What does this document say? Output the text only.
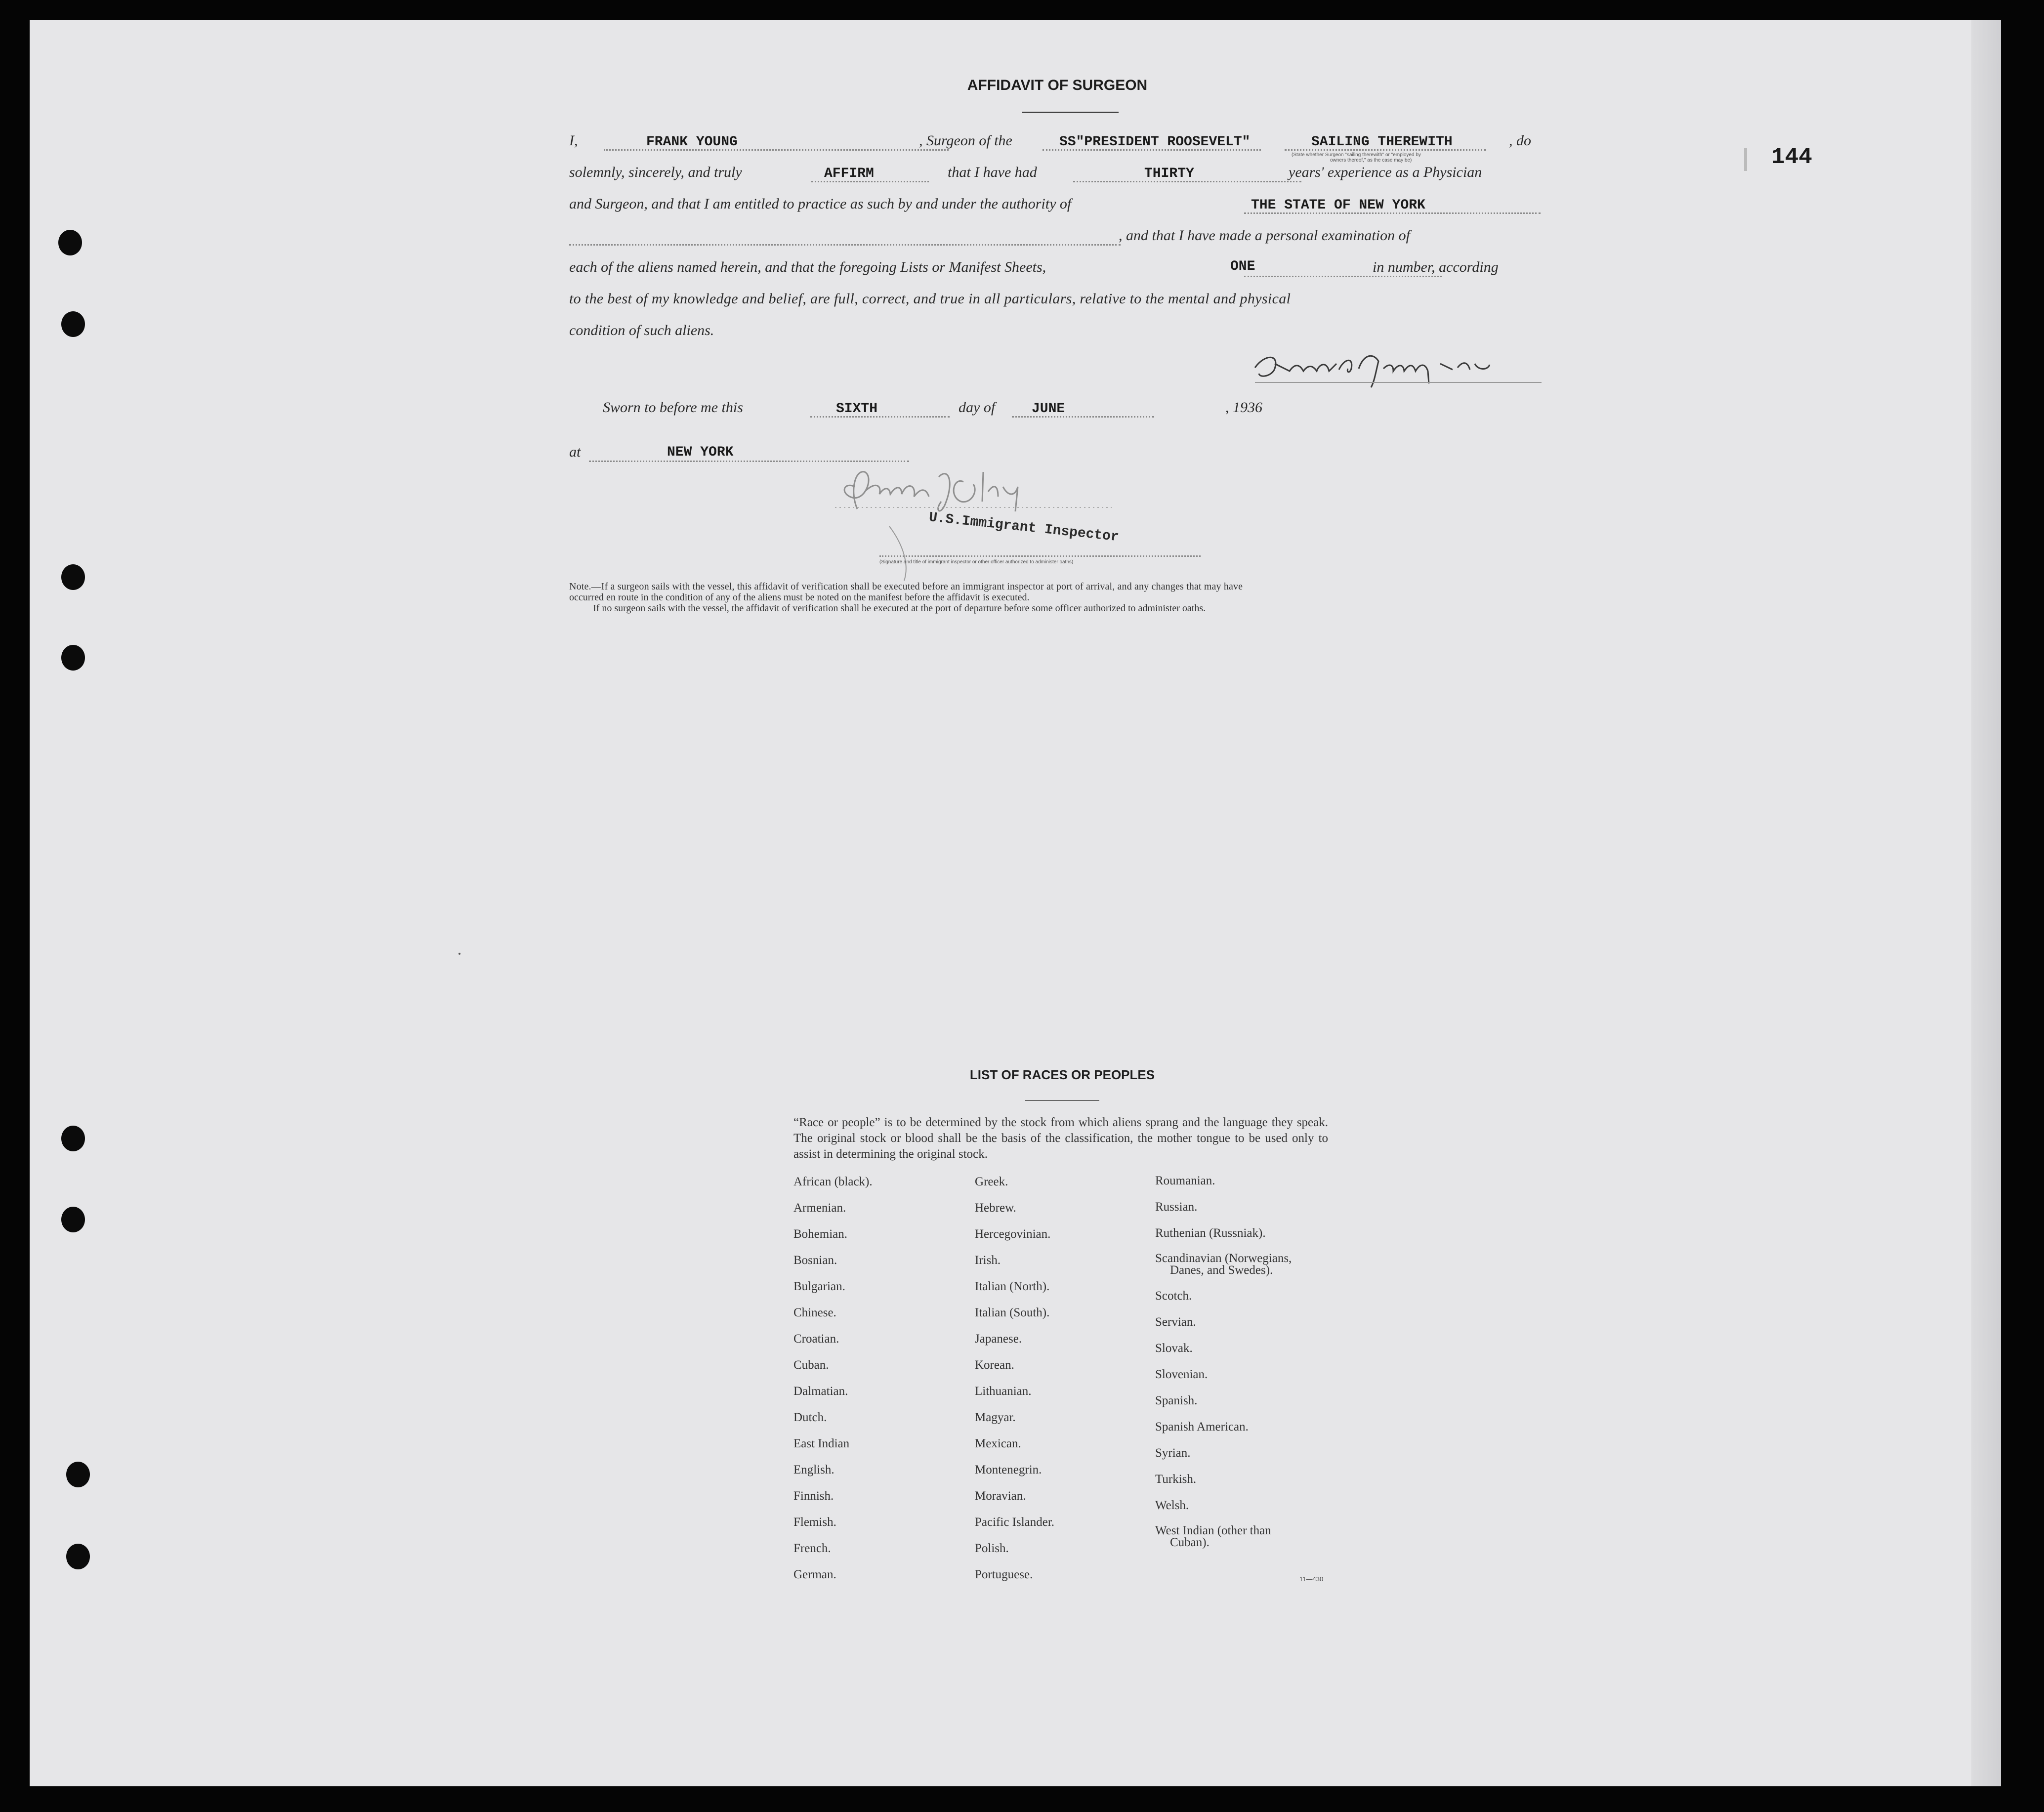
144
AFFIDAVIT OF SURGEON
I,	FRANK YOUNG	, Surgeon of the	SS"PRESIDENT ROOSEVELT"	SAILING THEREWITH	, do
(State whether Surgeon "sailing therewith" or "employed by
owners thereof," as the case may be)
solemnly, sincerely, and truly	AFFIRM	that I have had	THIRTY	years' experience as a Physician
and Surgeon, and that I am entitled to practice as such by and under the authority of	THE STATE OF NEW YORK
, and that I have made a personal examination of
each of the aliens named herein, and that the foregoing Lists or Manifest Sheets,	ONE	in number, according
to the best of my knowledge and belief, are full, correct, and true in all particulars, relative to the mental and physical
condition of such aliens.
Sworn to before me this	SIXTH	day of	JUNE	, 1936
at	NEW YORK
U.S.Immigrant Inspector
(Signature and title of immigrant inspector or other officer authorized to administer oaths)
Note.—If a surgeon sails with the vessel, this affidavit of verification shall be executed before an immigrant inspector at port of arrival, and any changes that may have
occurred en route in the condition of any of the aliens must be noted on the manifest before the affidavit is executed.
If no surgeon sails with the vessel, the affidavit of verification shall be executed at the port of departure before some officer authorized to administer oaths.
LIST OF RACES OR PEOPLES
“Race or people” is to be determined by the stock from which aliens sprang and the language they speak. The original stock or blood shall be the basis of the classification, the mother tongue to be used only to assist in determining the original stock.
African (black).
Armenian.
Bohemian.
Bosnian.
Bulgarian.
Chinese.
Croatian.
Cuban.
Dalmatian.
Dutch.
East Indian
English.
Finnish.
Flemish.
French.
German.
Greek.
Hebrew.
Hercegovinian.
Irish.
Italian (North).
Italian (South).
Japanese.
Korean.
Lithuanian.
Magyar.
Mexican.
Montenegrin.
Moravian.
Pacific Islander.
Polish.
Portuguese.
Roumanian.
Russian.
Ruthenian (Russniak).
Scandinavian (Norwegians,
Danes, and Swedes).
Scotch.
Servian.
Slovak.
Slovenian.
Spanish.
Spanish American.
Syrian.
Turkish.
Welsh.
West Indian (other than
Cuban).
11—430
